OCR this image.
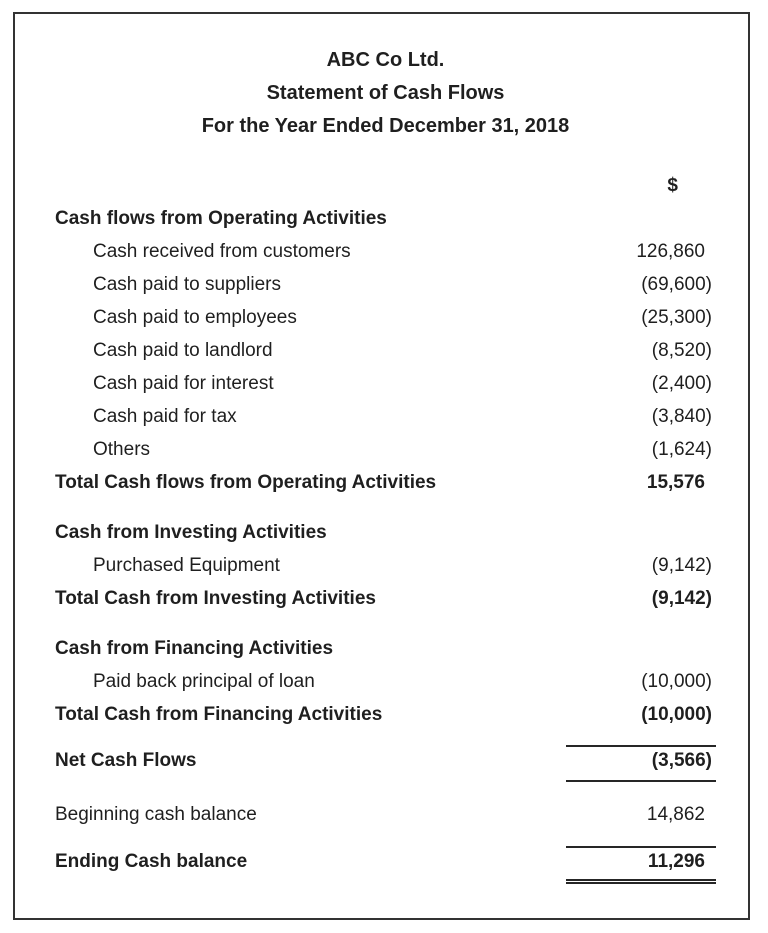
ABC Co Ltd.
Statement of Cash Flows
For the Year Ended December 31, 2018
$
Cash flows from Operating Activities
Cash received from customers	126,860
Cash paid to suppliers	(69,600)
Cash paid to employees	(25,300)
Cash paid to landlord	(8,520)
Cash paid for interest	(2,400)
Cash paid for tax	(3,840)
Others	(1,624)
Total Cash flows from Operating Activities	15,576
Cash from Investing Activities
Purchased Equipment	(9,142)
Total Cash from Investing Activities	(9,142)
Cash from Financing Activities
Paid back principal of loan	(10,000)
Total Cash from Financing Activities	(10,000)
Net Cash Flows	(3,566)
Beginning cash balance	14,862
Ending Cash balance	11,296
